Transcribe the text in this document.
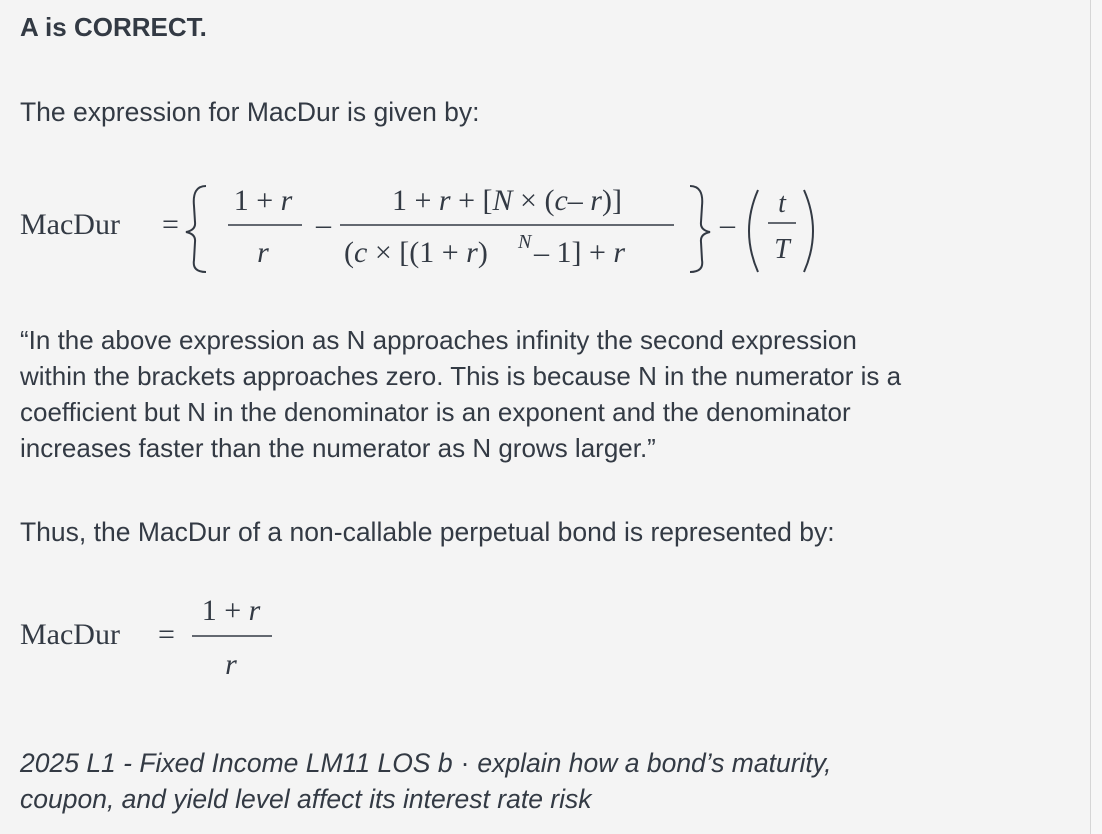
A is CORRECT.
The expression for MacDur is given by:
MacDur =
1 + r
r
–
1 + r + [N × (c– r)]
(c × [(1 + r) N – 1] + r
–
t
T
“In the above expression as N approaches infinity the second expression
within the brackets approaches zero. This is because N in the numerator is a
coefficient but N in the denominator is an exponent and the denominator
increases faster than the numerator as N grows larger.”
Thus, the MacDur of a non-callable perpetual bond is represented by:
MacDur =
1 + r
r
2025 L1 - Fixed Income LM11 LOS b · explain how a bond’s maturity,
coupon, and yield level affect its interest rate risk
